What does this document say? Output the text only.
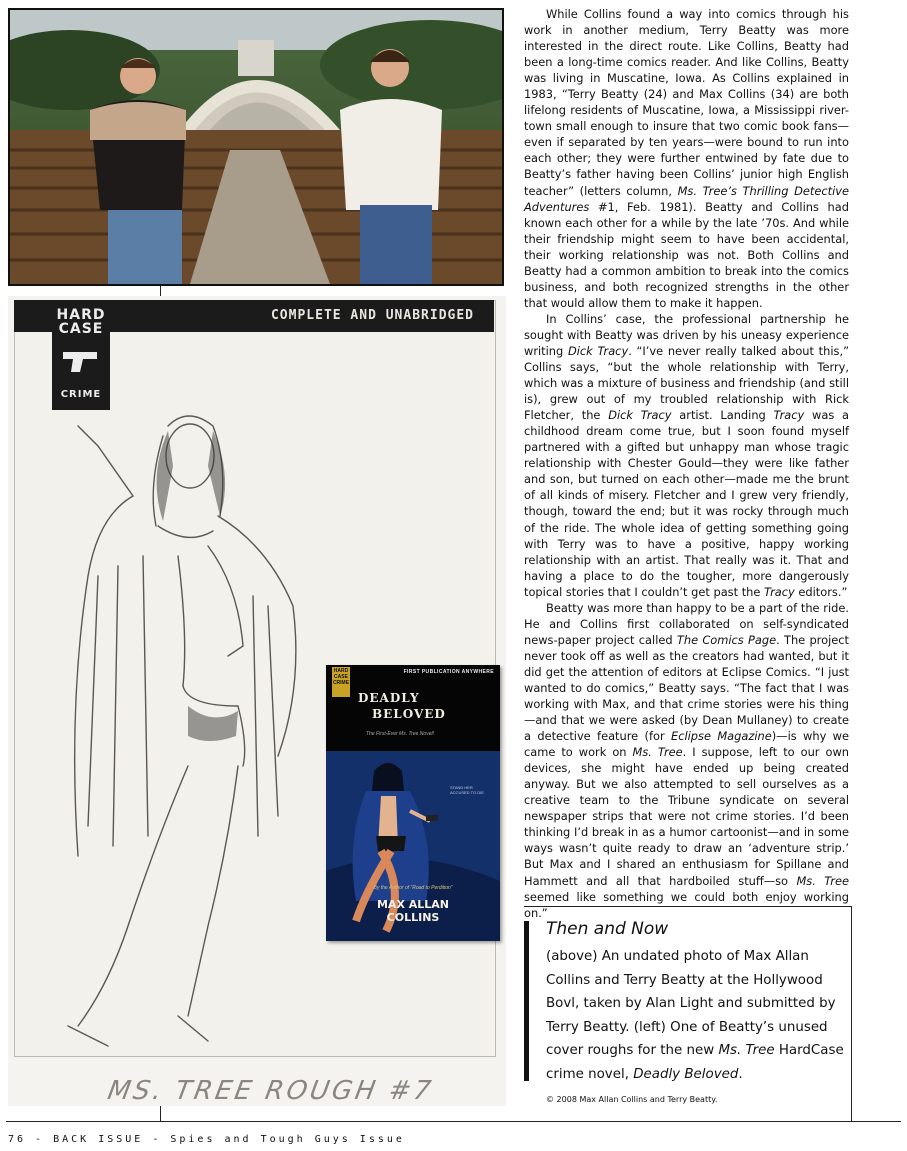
COMPLETE AND UNABRIDGED
HARD
CASE
CRIME
MS. TREE ROUGH #7
HARD CASE CRIME
FIRST PUBLICATION ANYWHERE
DEADLY
BELOVED
The First-Ever Ms. Tree Novel!
STAND HER ACCUSED TO DIE
By the Author of “Road to Perdition”
MAX ALLAN
COLLINS

While Collins found a way into comics through his work in another medium, Terry Beatty was more interested in the direct route. Like Collins, Beatty had been a long-time comics reader. And like Collins, Beatty was living in Muscatine, Iowa. As Collins explained in 1983, “Terry Beatty (24) and Max Collins (34) are both lifelong residents of Muscatine, Iowa, a Mississippi river-town small enough to insure that two comic book fans—even if separated by ten years—were bound to run into each other; they were further entwined by fate due to Beatty’s father having been Collins’ junior high English teacher” (letters column, Ms. Tree’s Thrilling Detective Adventures #1, Feb. 1981). Beatty and Collins had known each other for a while by the late ’70s. And while their friendship might seem to have been accidental, their working relationship was not. Both Collins and Beatty had a common ambition to break into the comics business, and both recognized strengths in the other that would allow them to make it happen.

In Collins’ case, the professional partnership he sought with Beatty was driven by his uneasy experience writing Dick Tracy. “I’ve never really talked about this,” Collins says, “but the whole relationship with Terry, which was a mixture of business and friendship (and still is), grew out of my troubled relationship with Rick Fletcher, the Dick Tracy artist. Landing Tracy was a childhood dream come true, but I soon found myself partnered with a gifted but unhappy man whose tragic relationship with Chester Gould—they were like father and son, but turned on each other—made me the brunt of all kinds of misery. Fletcher and I grew very friendly, though, toward the end; but it was rocky through much of the ride. The whole idea of getting something going with Terry was to have a positive, happy working relationship with an artist. That really was it. That and having a place to do the tougher, more dangerously topical stories that I couldn’t get past the Tracy editors.”

Beatty was more than happy to be a part of the ride. He and Collins first collaborated on self-syndicated news-paper project called The Comics Page. The project never took off as well as the creators had wanted, but it did get the attention of editors at Eclipse Comics. “I just wanted to do comics,” Beatty says. “The fact that I was working with Max, and that crime stories were his thing—and that we were asked (by Dean Mullaney) to create a detective feature (for Eclipse Magazine)—is why we came to work on Ms. Tree. I suppose, left to our own devices, she might have ended up being created anyway. But we also attempted to sell ourselves as a creative team to the Tribune syndicate on several newspaper strips that were not crime stories. I’d been thinking I’d break in as a humor cartoonist—and in some ways wasn’t quite ready to draw an ‘adventure strip.’ But Max and I shared an enthusiasm for Spillane and Hammett and all that hardboiled stuff—so Ms. Tree seemed like something we could both enjoy working on.”

Then and Now
(above) An undated photo of Max Allan Collins and Terry Beatty at the Hollywood Bovl, taken by Alan Light and submitted by Terry Beatty. (left) One of Beatty’s unused cover roughs for the new Ms. Tree HardCase crime novel, Deadly Beloved.
© 2008 Max Allan Collins and Terry Beatty.
76 - BACK ISSUE - Spies and Tough Guys Issue
